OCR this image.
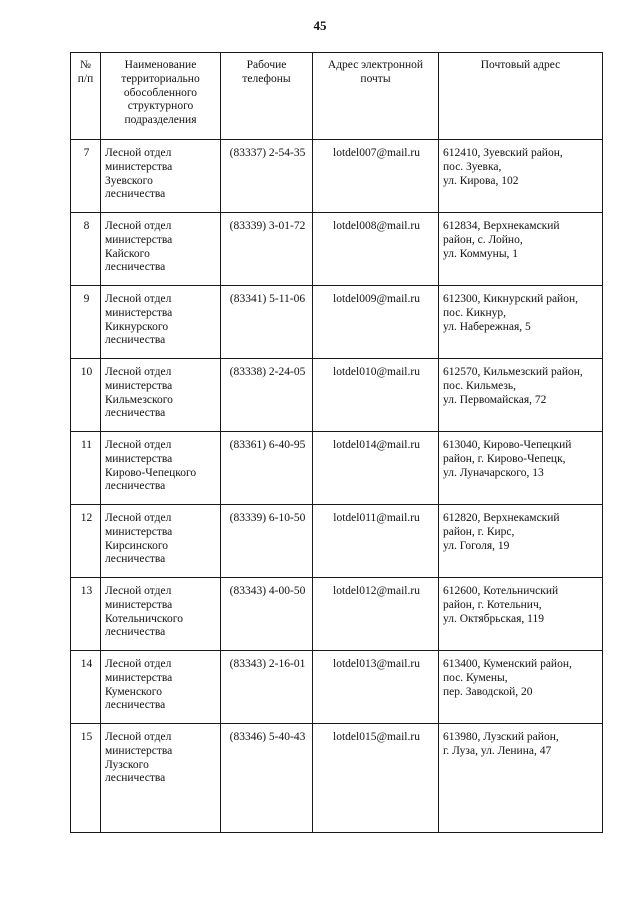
45
№
п/п	Наименование
территориально
обособленного
структурного
подразделения	Рабочие
телефоны	Адрес электронной
почты	Почтовый адрес

7	Лесной отдел
министерства
Зуевского
лесничества	(83337) 2-54-35	lotdel007@mail.ru	612410, Зуевский район,
пос. Зуевка,
ул. Кирова, 102

8	Лесной отдел
министерства
Кайского
лесничества	(83339) 3-01-72	lotdel008@mail.ru	612834, Верхнекамский
район, с. Лойно,
ул. Коммуны, 1

9	Лесной отдел
министерства
Кикнурского
лесничества	(83341) 5-11-06	lotdel009@mail.ru	612300, Кикнурский район,
пос. Кикнур,
ул. Набережная, 5

10	Лесной отдел
министерства
Кильмезского
лесничества	(83338) 2-24-05	lotdel010@mail.ru	612570, Кильмезский район,
пос. Кильмезь,
ул. Первомайская, 72

11	Лесной отдел
министерства
Кирово-Чепецкого
лесничества	(83361) 6-40-95	lotdel014@mail.ru	613040, Кирово-Чепецкий
район, г. Кирово-Чепецк,
ул. Луначарского, 13

12	Лесной отдел
министерства
Кирсинского
лесничества	(83339) 6-10-50	lotdel011@mail.ru	612820, Верхнекамский
район, г. Кирс,
ул. Гоголя, 19

13	Лесной отдел
министерства
Котельничского
лесничества	(83343) 4-00-50	lotdel012@mail.ru	612600, Котельничский
район, г. Котельнич,
ул. Октябрьская, 119

14	Лесной отдел
министерства
Куменского
лесничества	(83343) 2-16-01	lotdel013@mail.ru	613400, Куменский район,
пос. Кумены,
пер. Заводской, 20

15	Лесной отдел
министерства
Лузского
лесничества	(83346) 5-40-43	lotdel015@mail.ru	613980, Лузский район,
г. Луза, ул. Ленина, 47
